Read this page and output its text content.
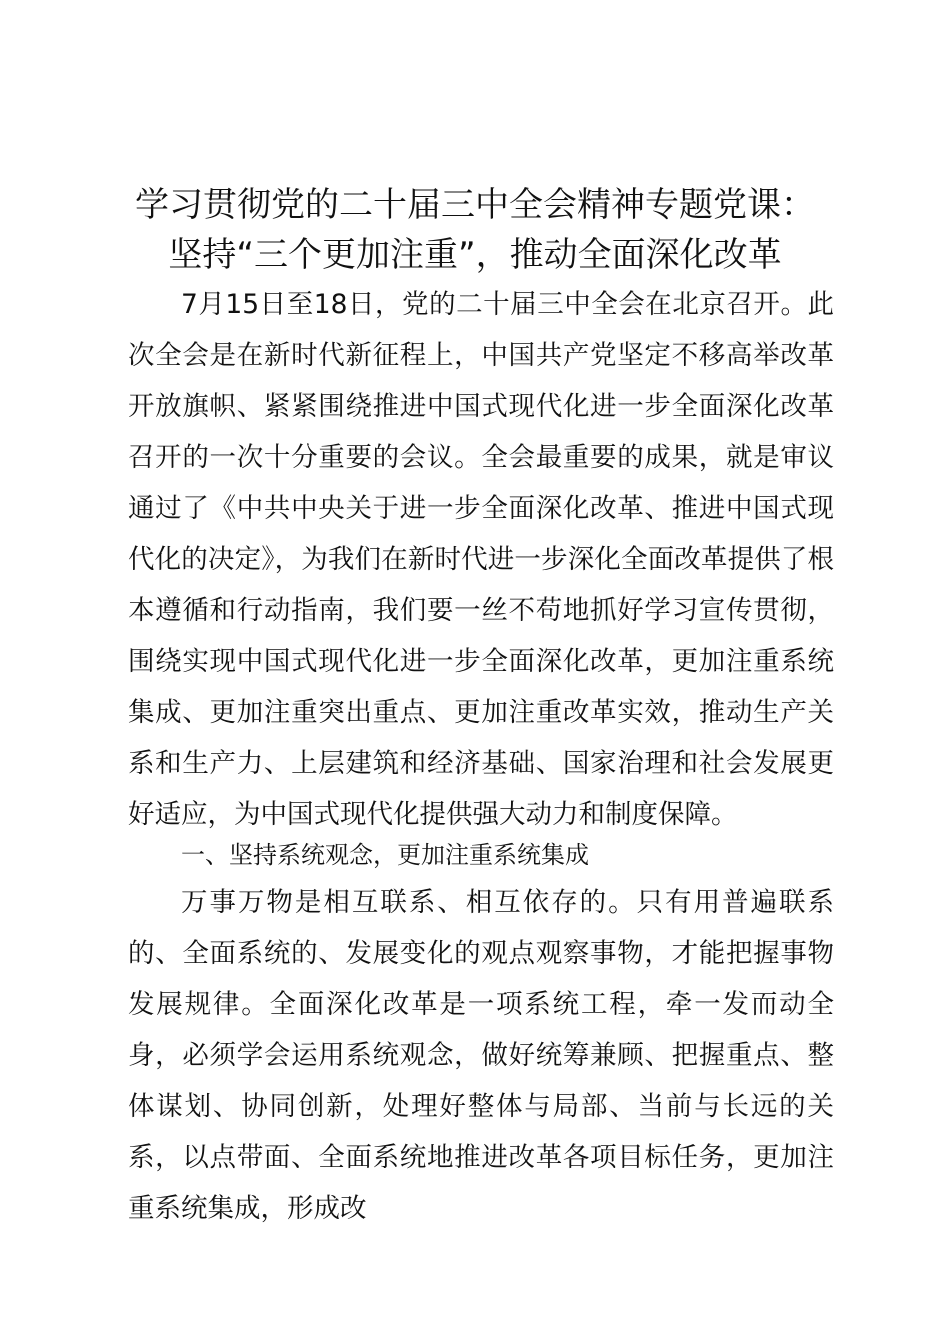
学习贯彻党的二十届三中全会精神专题党课：
坚持“三个更加注重”，推动全面深化改革
7月15日至18日，党的二十届三中全会在北京召开。此次全会是在新时代新征程上，中国共产党坚定不移高举改革开放旗帜、紧紧围绕推进中国式现代化进一步全面深化改革召开的一次十分重要的会议。全会最重要的成果，就是审议通过了《中共中央关于进一步全面深化改革、推进中国式现代化的决定》，为我们在新时代进一步深化全面改革提供了根本遵循和行动指南，我们要一丝不苟地抓好学习宣传贯彻，围绕实现中国式现代化进一步全面深化改革，更加注重系统集成、更加注重突出重点、更加注重改革实效，推动生产关系和生产力、上层建筑和经济基础、国家治理和社会发展更好适应，为中国式现代化提供强大动力和制度保障。
一、坚持系统观念，更加注重系统集成
万事万物是相互联系、相互依存的。只有用普遍联系的、全面系统的、发展变化的观点观察事物，才能把握事物发展规律。全面深化改革是一项系统工程，牵一发而动全身，必须学会运用系统观念，做好统筹兼顾、把握重点、整体谋划、协同创新，处理好整体与局部、当前与长远的关系，以点带面、全面系统地推进改革各项目标任务，更加注重系统集成，形成改
